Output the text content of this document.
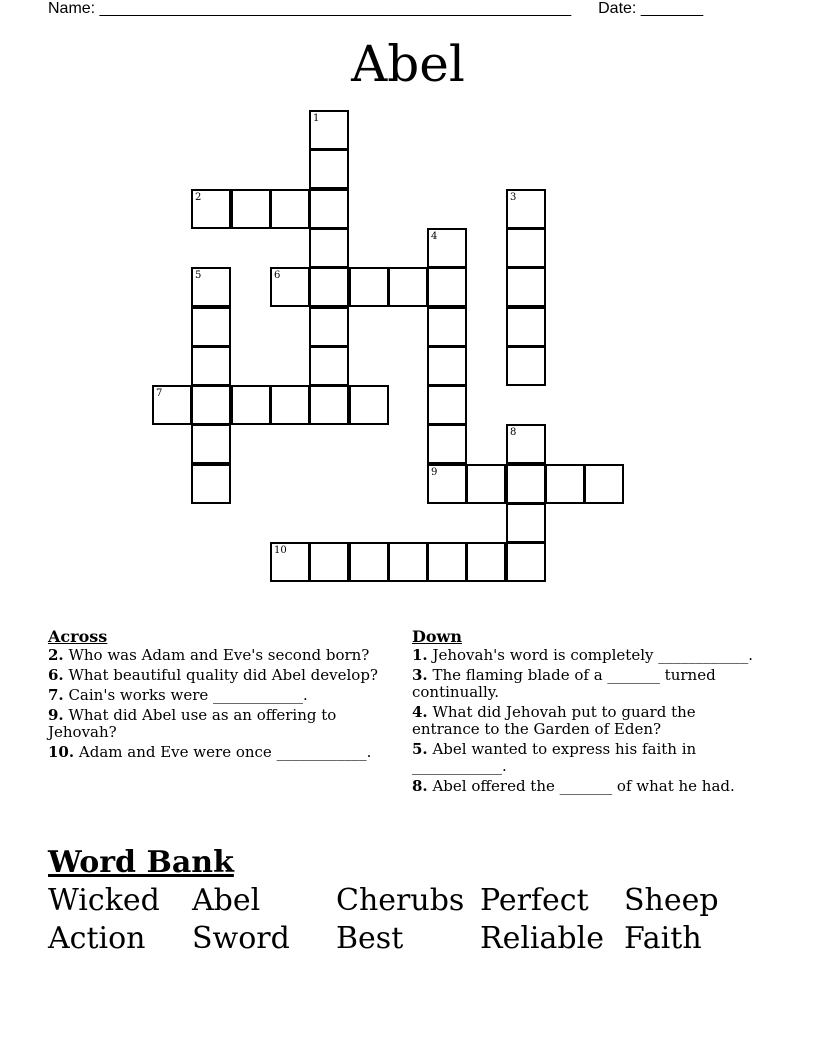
Name: _____________________________________________________ Date: _______
Abel
1
2	3
4
9
5	6
7
8
10
Across
2. Who was Adam and Eve's second born?
6. What beautiful quality did Abel develop?
7. Cain's works were ____________.
9. What did Abel use as an offering to Jehovah?
10. Adam and Eve were once ____________.
Down
1. Jehovah's word is completely ____________.
3. The flaming blade of a _______ turned continually.
4. What did Jehovah put to guard the entrance to the Garden of Eden?
5. Abel wanted to express his faith in ____________.
8. Abel offered the _______ of what he had.
Word Bank
Wicked	Abel	Cherubs Perfect	Sheep
Action	Sword	Best	Reliable Faith
